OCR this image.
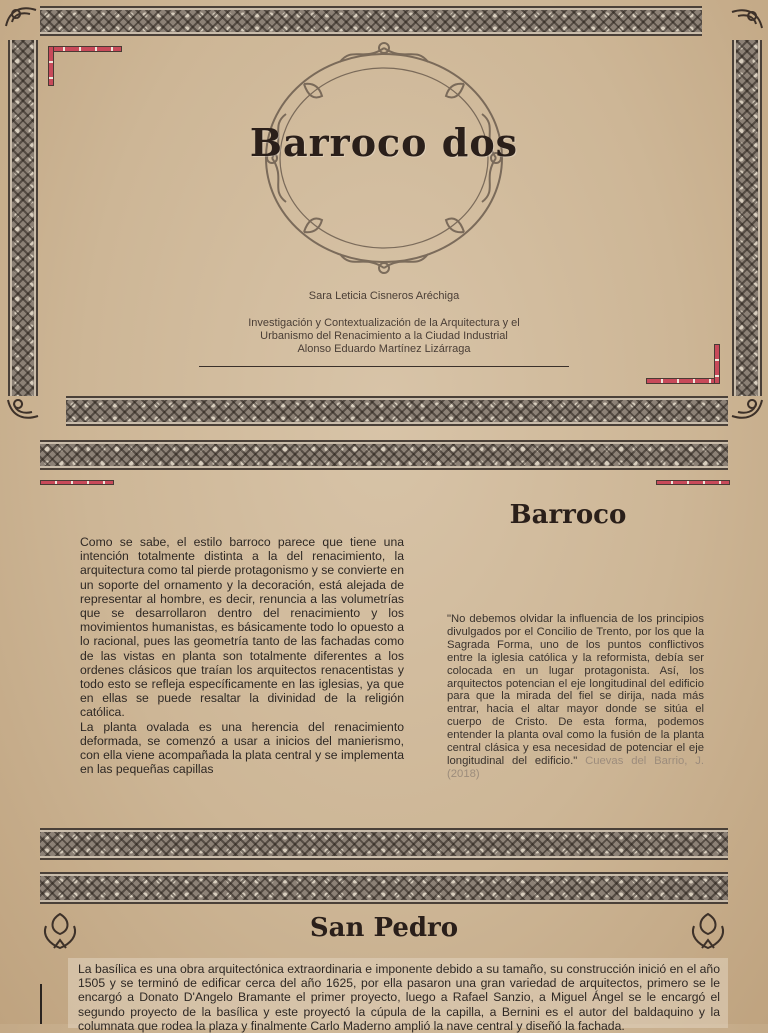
Barroco dos
Sara Leticia Cisneros Aréchiga
Investigación y Contextualización de la Arquitectura y el
Urbanismo del Renacimiento a la Ciudad Industrial
Alonso Eduardo Martínez Lizárraga
Barroco
Como se sabe, el estilo barroco parece que tiene una intención totalmente distinta a la del renacimiento, la arquitectura como tal pierde protagonismo y se convierte en un soporte del ornamento y la decoración, está alejada de representar al hombre, es decir, renuncia a las volumetrías que se desarrollaron dentro del renacimiento y los movimientos humanistas, es básicamente todo lo opuesto a lo racional, pues las geometría tanto de las fachadas como de las vistas en planta son totalmente diferentes a los ordenes clásicos que traían los arquitectos renacentistas y todo esto se refleja específicamente en las iglesias, ya que en ellas se puede resaltar la divinidad de la religión católica.
La planta ovalada es una herencia del renacimiento deformada, se comenzó a usar a inicios del manierismo, con ella viene acompañada la plata central y se implementa en las pequeñas capillas
"No debemos olvidar la influencia de los principios divulgados por el Concilio de Trento, por los que la Sagrada Forma, uno de los puntos conflictivos entre la iglesia católica y la reformista, debía ser colocada en un lugar protagonista. Así, los arquitectos potencian el eje longitudinal del edificio para que la mirada del fiel se dirija, nada más entrar, hacia el altar mayor donde se sitúa el cuerpo de Cristo. De esta forma, podemos entender la planta oval como la fusión de la planta central clásica y esa necesidad de potenciar el eje longitudinal del edificio." Cuevas del Barrio, J. (2018)
San Pedro
La basílica es una obra arquitectónica extraordinaria e imponente debido a su tamaño, su construcción inició en el año 1505 y se terminó de edificar cerca del año 1625, por ella pasaron una gran variedad de arquitectos, primero se le encargó a Donato D'Angelo Bramante el primer proyecto, luego a Rafael Sanzio, a Miguel Ángel se le encargó el segundo proyecto de la basílica y este proyectó la cúpula de la capilla, a Bernini es el autor del baldaquino y la columnata que rodea la plaza y finalmente Carlo Maderno amplió la nave central y diseñó la fachada.
